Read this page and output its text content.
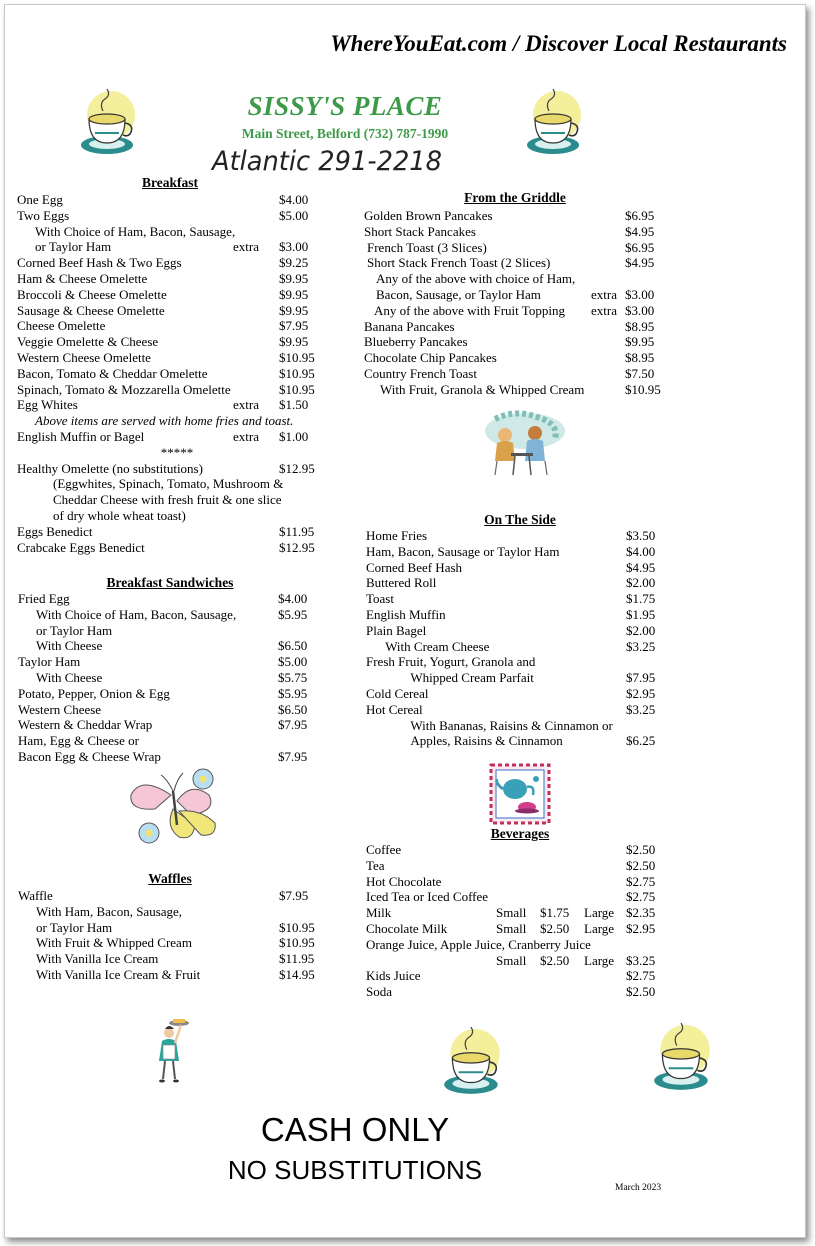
WhereYouEat.com / Discover Local Restaurants
SISSY'S PLACE
Main Street, Belford (732) 787-1990
Atlantic 291-2218
Breakfast
From the Griddle
Breakfast Sandwiches
On The Side
Waffles
Beverages
One Egg	$4.00
Two Eggs	$5.00
With Choice of Ham, Bacon, Sausage,
or Taylor Ham	extra $3.00
Corned Beef Hash & Two Eggs	$9.25
Ham & Cheese Omelette	$9.95
Broccoli & Cheese Omelette	$9.95
Sausage & Cheese Omelette	$9.95
Cheese Omelette	$7.95
Veggie Omelette & Cheese	$9.95
Western Cheese Omelette	$10.95
Bacon, Tomato & Cheddar Omelette	$10.95
Spinach, Tomato & Mozzarella Omelette	$10.95
Egg Whites	extra $1.50
Above items are served with home fries and toast.
English Muffin or Bagel	extra $1.00
*****
Healthy Omelette (no substitutions)	$12.95
(Eggwhites, Spinach, Tomato, Mushroom &
Cheddar Cheese with fresh fruit & one slice
of dry whole wheat toast)
Eggs Benedict	$11.95
Crabcake Eggs Benedict	$12.95
Fried Egg	$4.00
With Choice of Ham, Bacon, Sausage,	$5.95
or Taylor Ham
With Cheese	$6.50
Taylor Ham	$5.00
With Cheese	$5.75
Potato, Pepper, Onion & Egg	$5.95
Western Cheese	$6.50
Western & Cheddar Wrap	$7.95
Ham, Egg & Cheese or
Bacon Egg & Cheese Wrap	$7.95
Waffle	$7.95
With Ham, Bacon, Sausage,
or Taylor Ham	$10.95
With Fruit & Whipped Cream	$10.95
With Vanilla Ice Cream	$11.95
With Vanilla Ice Cream & Fruit	$14.95
Golden Brown Pancakes	$6.95
Short Stack Pancakes	$4.95
French Toast (3 Slices)	$6.95
Short Stack French Toast (2 Slices)	$4.95
Any of the above with choice of Ham,
Bacon, Sausage, or Taylor Ham	extra $3.00
Any of the above with Fruit Topping extra $3.00
Banana Pancakes	$8.95
Blueberry Pancakes	$9.95
Chocolate Chip Pancakes	$8.95
Country French Toast	$7.50
With Fruit, Granola & Whipped Cream	$10.95
Home Fries	$3.50
Ham, Bacon, Sausage or Taylor Ham	$4.00
Corned Beef Hash	$4.95
Buttered Roll	$2.00
Toast	$1.75
English Muffin	$1.95
Plain Bagel	$2.00
With Cream Cheese	$3.25
Fresh Fruit, Yogurt, Granola and
Whipped Cream Parfait	$7.95
Cold Cereal	$2.95
Hot Cereal	$3.25
With Bananas, Raisins & Cinnamon or
Apples, Raisins & Cinnamon	$6.25
Coffee	$2.50
Tea	$2.50
Hot Chocolate	$2.75
Iced Tea or Iced Coffee	$2.75
Milk	Small $1.75 Large $2.35
Chocolate Milk	Small $2.50 Large $2.95
Orange Juice, Apple Juice, Cranberry Juice
Small $2.50 Large $3.25
Kids Juice	$2.75
Soda	$2.50
CASH ONLY
NO SUBSTITUTIONS
March 2023
